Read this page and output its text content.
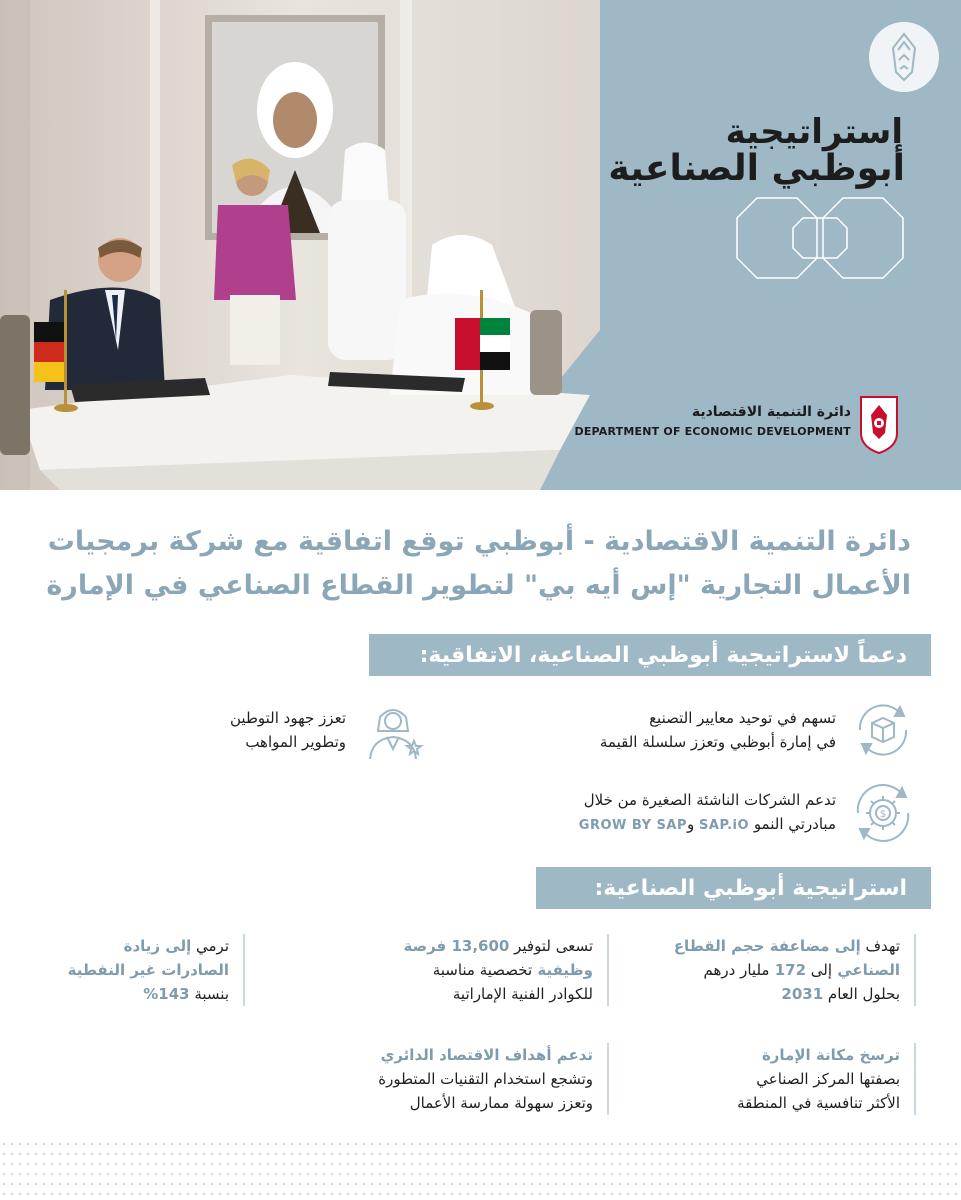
استراتيجية
أبوظبي الصناعية
دائرة التنمية الاقتصادية
DEPARTMENT OF ECONOMIC DEVELOPMENT
دائرة التنمية الاقتصادية - أبوظبي توقع اتفاقية مع شركة برمجيات
الأعمال التجارية "إس أيه بي" لتطوير القطاع الصناعي في الإمارة
دعماً لاستراتيجية أبوظبي الصناعية، الاتفاقية:
تسهم في توحيد معايير التصنيع
في إمارة أبوظبي وتعزز سلسلة القيمة
تعزز جهود التوطين
وتطوير المواهب
$
تدعم الشركات الناشئة الصغيرة من خلال
مبادرتي النمو SAP.iO وGROW BY SAP
استراتيجية أبوظبي الصناعية:
تهدف إلى مضاعفة حجم القطاع
الصناعي إلى 172 مليار درهم
بحلول العام 2031
تسعى لتوفير 13,600 فرصة
وظيفية تخصصية مناسبة
للكوادر الفنية الإماراتية
ترمي إلى زيادة
الصادرات غير النفطية
بنسبة 143%
ترسخ مكانة الإمارة
بصفتها المركز الصناعي
الأكثر تنافسية في المنطقة
تدعم أهداف الاقتصاد الدائري
وتشجع استخدام التقنيات المتطورة
وتعزز سهولة ممارسة الأعمال
